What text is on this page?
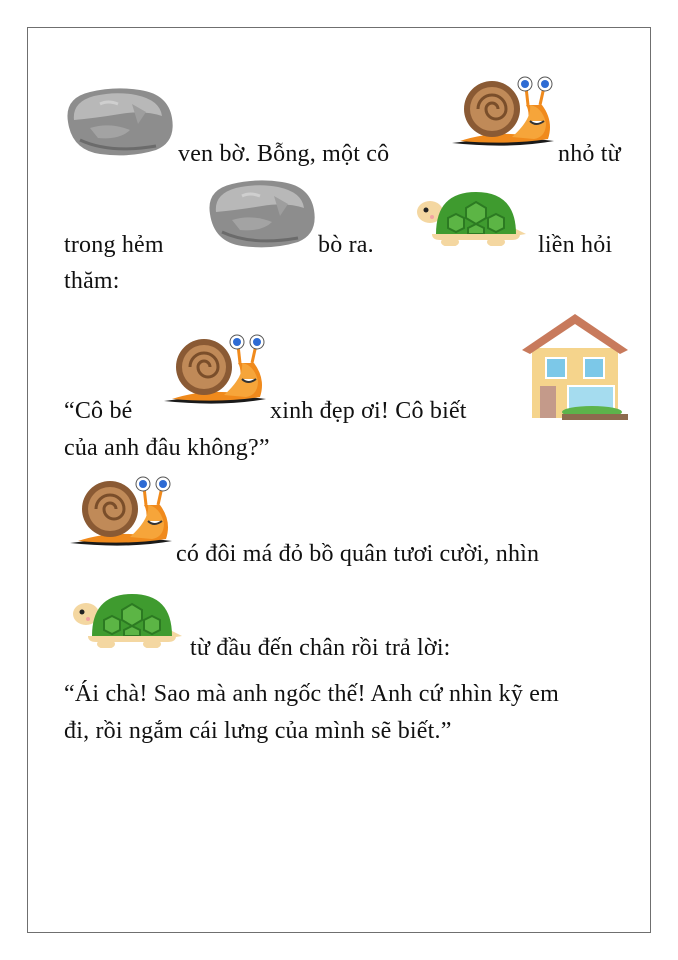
ven bờ. Bỗng, một cô	nhỏ từ
trong hẻm	bò ra.	liền hỏi
thăm:
“Cô bé	xinh đẹp ơi! Cô biết
của anh đâu không?”
có đôi má đỏ bồ quân tươi cười, nhìn
từ đầu đến chân rồi trả lời:
“Ái chà! Sao mà anh ngốc thế! Anh cứ nhìn kỹ em
đi, rồi ngắm cái lưng của mình sẽ biết.”
